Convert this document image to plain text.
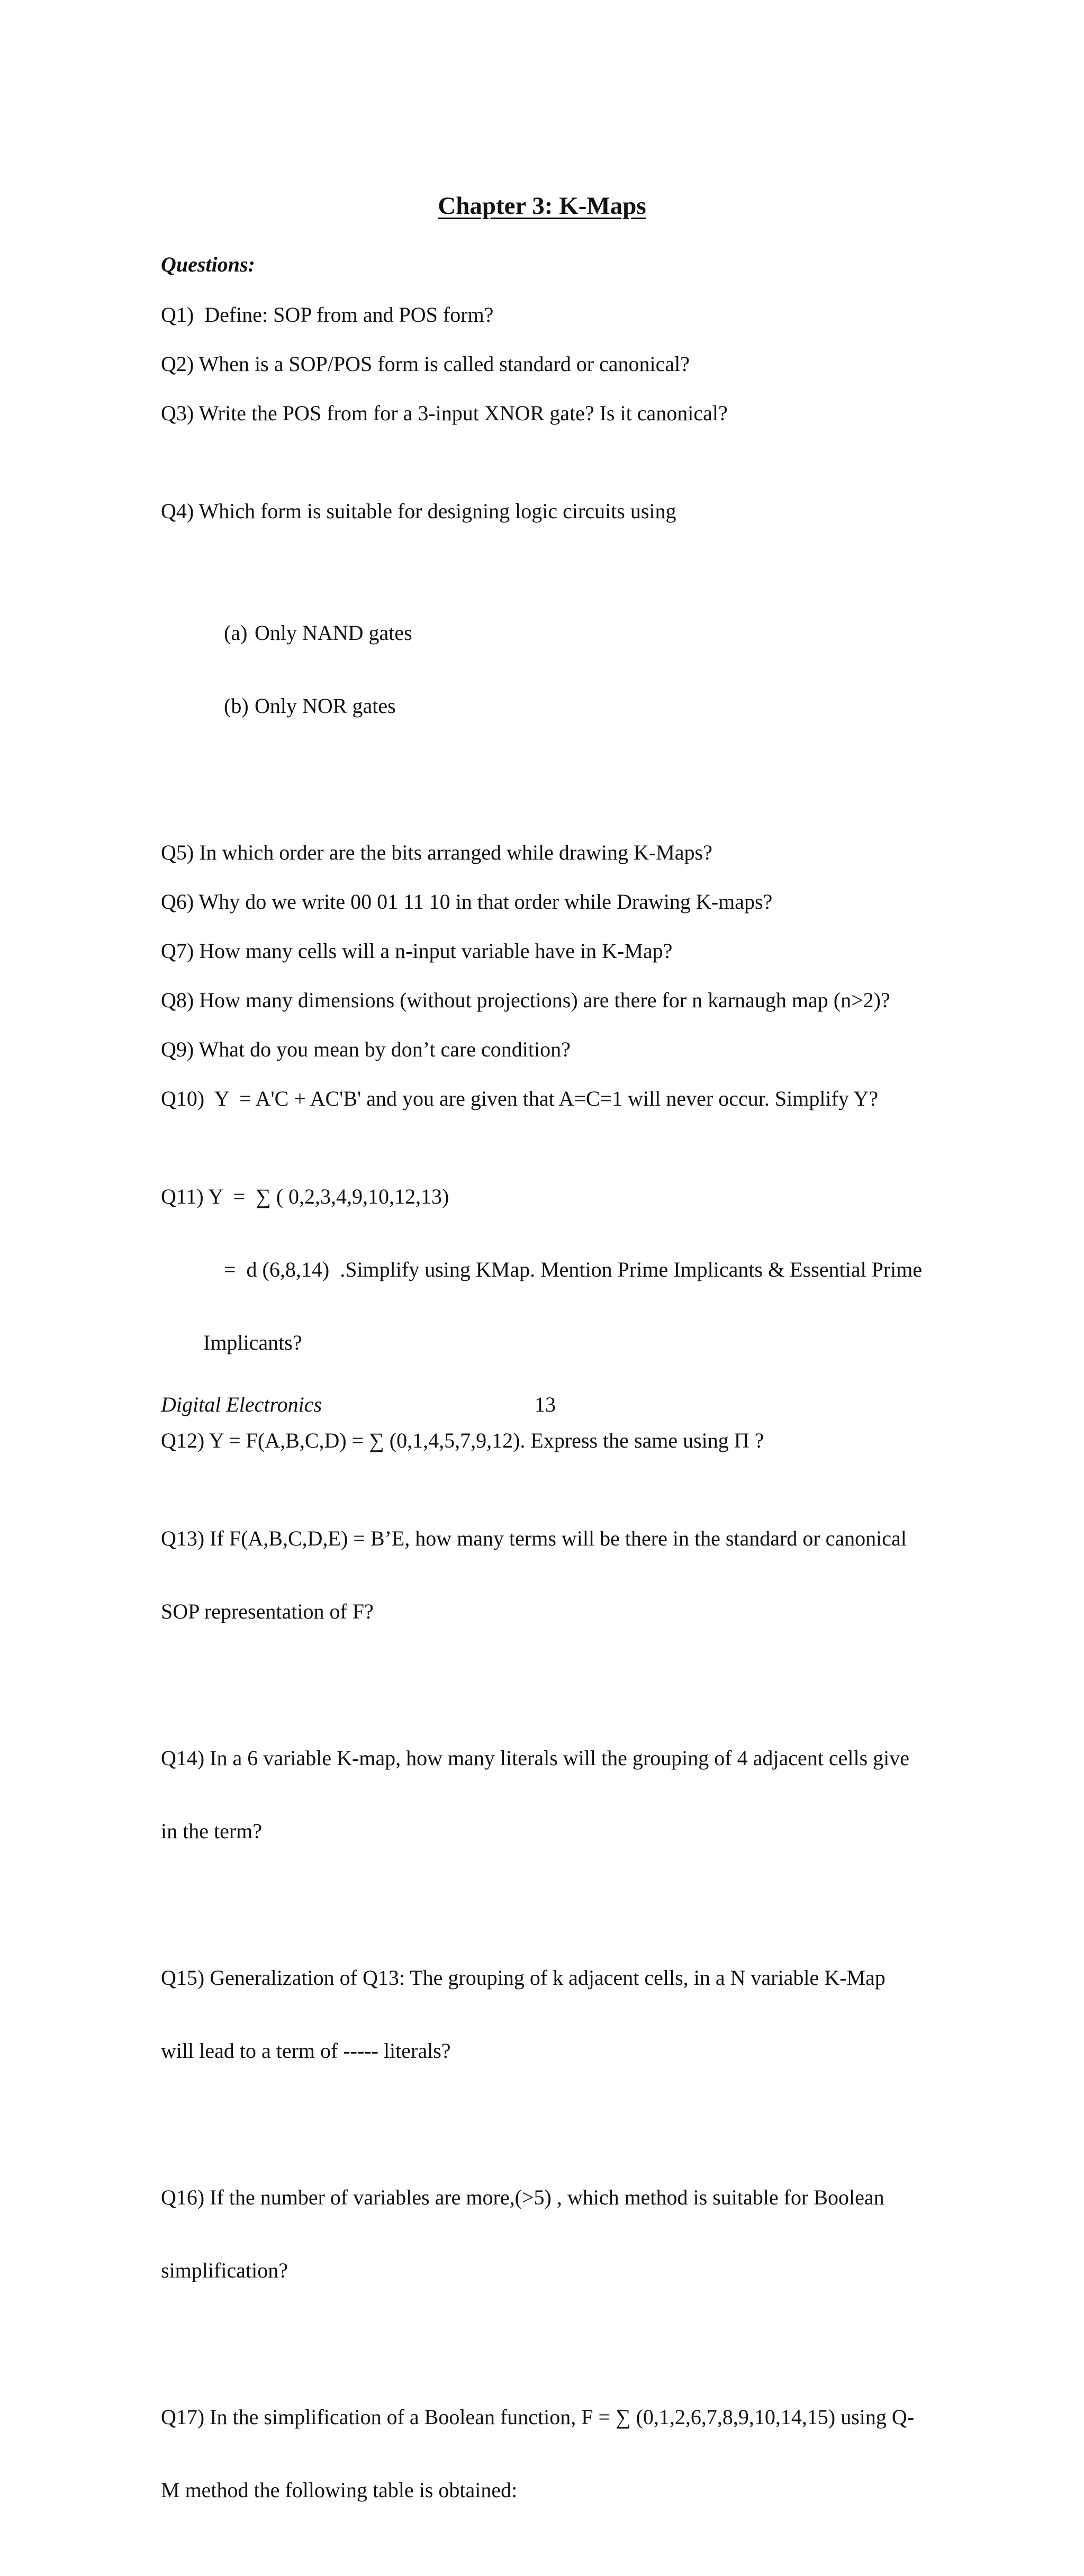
Chapter 3: K-Maps

Questions:

Q1)  Define: SOP from and POS form?

Q2) When is a SOP/POS form is called standard or canonical?

Q3) Write the POS from for a 3-input XNOR gate? Is it canonical?

Q4) Which form is suitable for designing logic circuits using

(a) Only NAND gates

(b) Only NOR gates

Q5) In which order are the bits arranged while drawing K-Maps?

Q6) Why do we write 00 01 11 10 in that order while Drawing K-maps?

Q7) How many cells will a n-input variable have in K-Map?

Q8) How many dimensions (without projections) are there for n karnaugh map (n>2)?

Q9) What do you mean by don’t care condition?

Q10)  Y  = A'C + AC'B' and you are given that A=C=1 will never occur. Simplify Y?

Q11) Y  =  ∑ ( 0,2,3,4,9,10,12,13)

=  d (6,8,14)  .Simplify using KMap. Mention Prime Implicants & Essential Prime

Implicants?

Q12) Y = F(A,B,C,D) = ∑ (0,1,4,5,7,9,12). Express the same using Π ?

Q13) If F(A,B,C,D,E) = B’E, how many terms will be there in the standard or canonical

SOP representation of F?

Q14) In a 6 variable K-map, how many literals will the grouping of 4 adjacent cells give

in the term?

Q15) Generalization of Q13: The grouping of k adjacent cells, in a N variable K-Map

will lead to a term of ----- literals?

Q16) If the number of variables are more,(>5) , which method is suitable for Boolean

simplification?

Q17) In the simplification of a Boolean function, F = ∑ (0,1,2,6,7,8,9,10,14,15) using Q-

M method the following table is obtained:

Digital Electronics	13
